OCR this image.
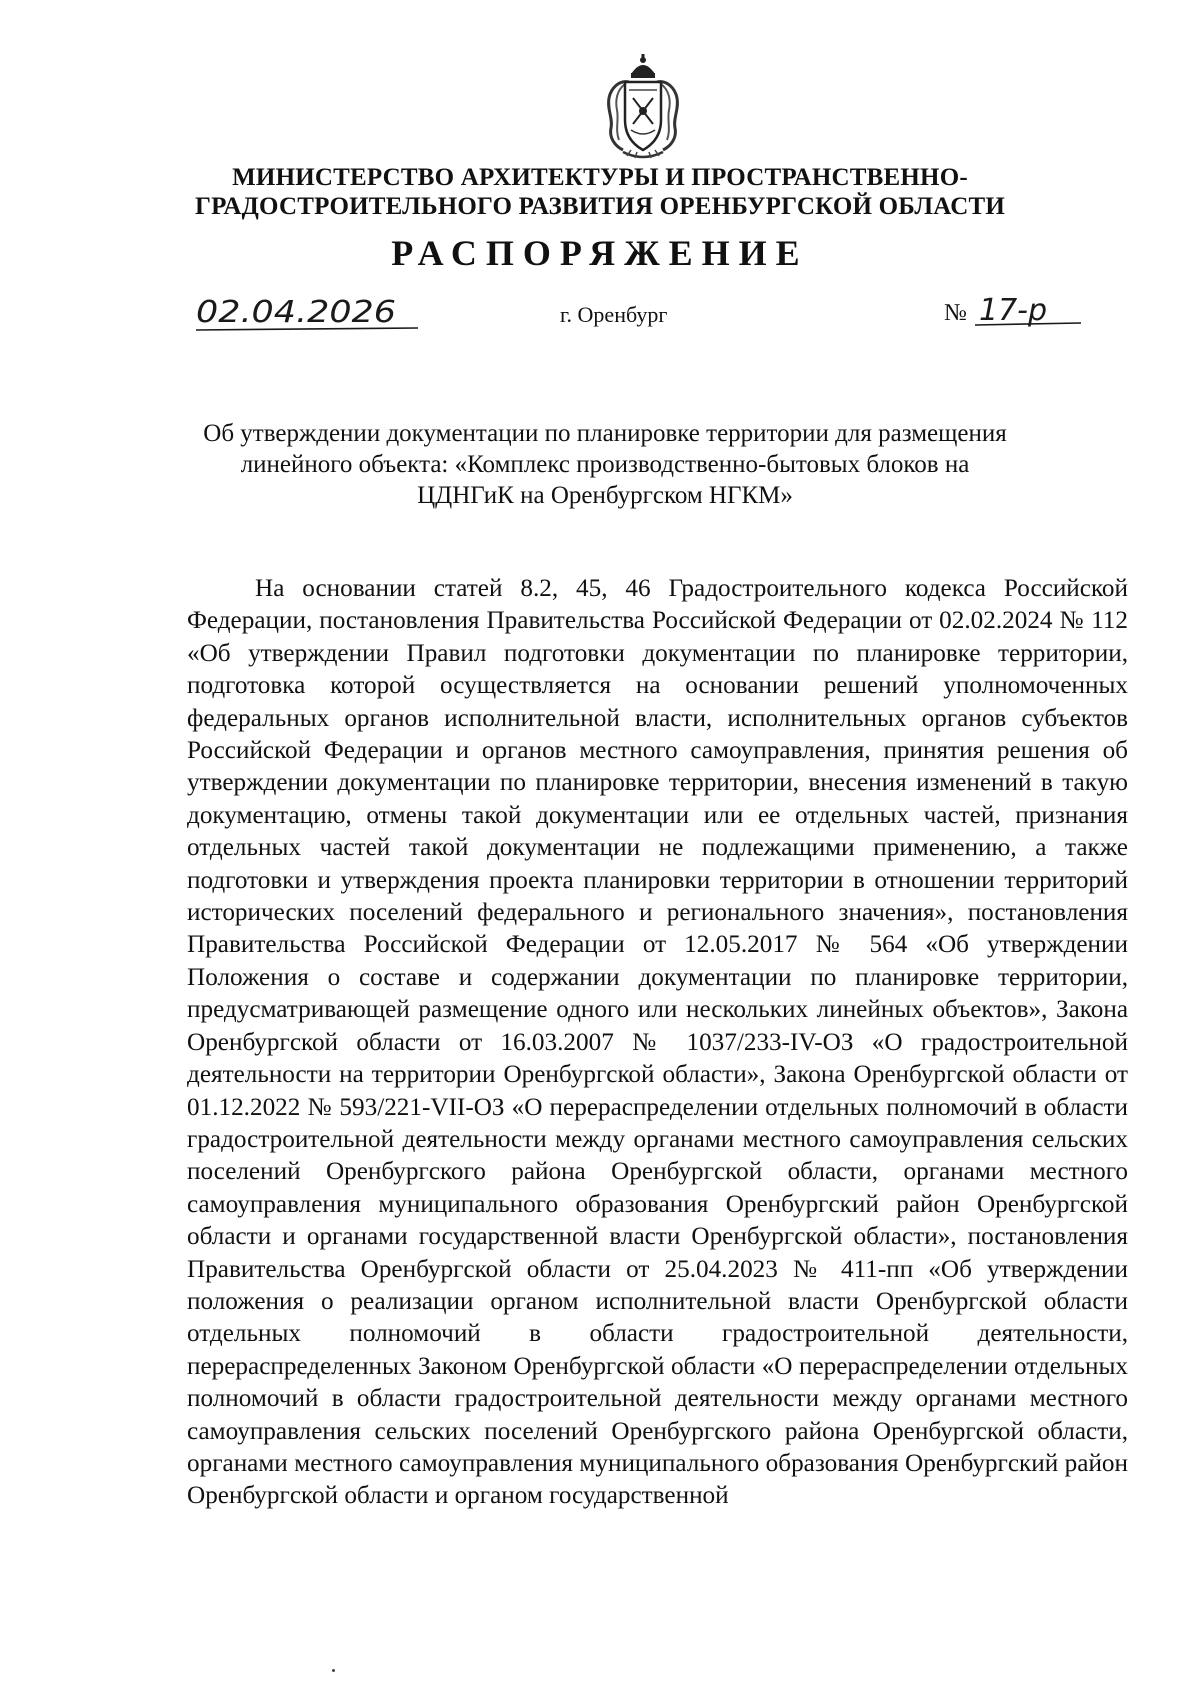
МИНИСТЕРСТВО АРХИТЕКТУРЫ И ПРОСТРАНСТВЕННО-
ГРАДОСТРОИТЕЛЬНОГО РАЗВИТИЯ ОРЕНБУРГСКОЙ ОБЛАСТИ
РАСПОРЯЖЕНИЕ
02.04.2026	г. Оренбург	№ 17-р
Об утверждении документации по планировке территории для размещения
линейного объекта: «Комплекс производственно-бытовых блоков на
ЦДНГиК на Оренбургском НГКМ»

На основании статей 8.2, 45, 46 Градостроительного кодекса Российской Федерации, постановления Правительства Российской Федерации от 02.02.2024 № 112 «Об утверждении Правил подготовки документации по планировке территории, подготовка которой осуществляется на основании решений уполномоченных федеральных органов исполнительной власти, исполнительных органов субъектов Российской Федерации и органов местного самоуправления, принятия решения об утверждении документации по планировке территории, внесения изменений в такую документацию, отмены такой документации или ее отдельных частей, признания отдельных частей такой документации не подлежащими применению, а также подготовки и утверждения проекта планировки территории в отношении территорий исторических поселений федерального и регионального значения», постановления Правительства Российской Федерации от 12.05.2017 № 564 «Об утверждении Положения о составе и содержании документации по планировке территории, предусматривающей размещение одного или нескольких линейных объектов», Закона Оренбургской области от 16.03.2007 № 1037/233-IV-ОЗ «О градостроительной деятельности на территории Оренбургской области», Закона Оренбургской области от 01.12.2022 № 593/221-VII-ОЗ «О перераспределении отдельных полномочий в области градостроительной деятельности между органами местного самоуправления сельских поселений Оренбургского района Оренбургской области, органами местного самоуправления муниципального образования Оренбургский район Оренбургской области и органами государственной власти Оренбургской области», постановления Правительства Оренбургской области от 25.04.2023 № 411-пп «Об утверждении положения о реализации органом исполнительной власти Оренбургской области отдельных полномочий в области градостроительной деятельности, перераспределенных Законом Оренбургской области «О перераспределении отдельных полномочий в области градостроительной деятельности между органами местного самоуправления сельских поселений Оренбургского района Оренбургской области, органами местного самоуправления муниципального образования Оренбургский район Оренбургской области и органом государственной
